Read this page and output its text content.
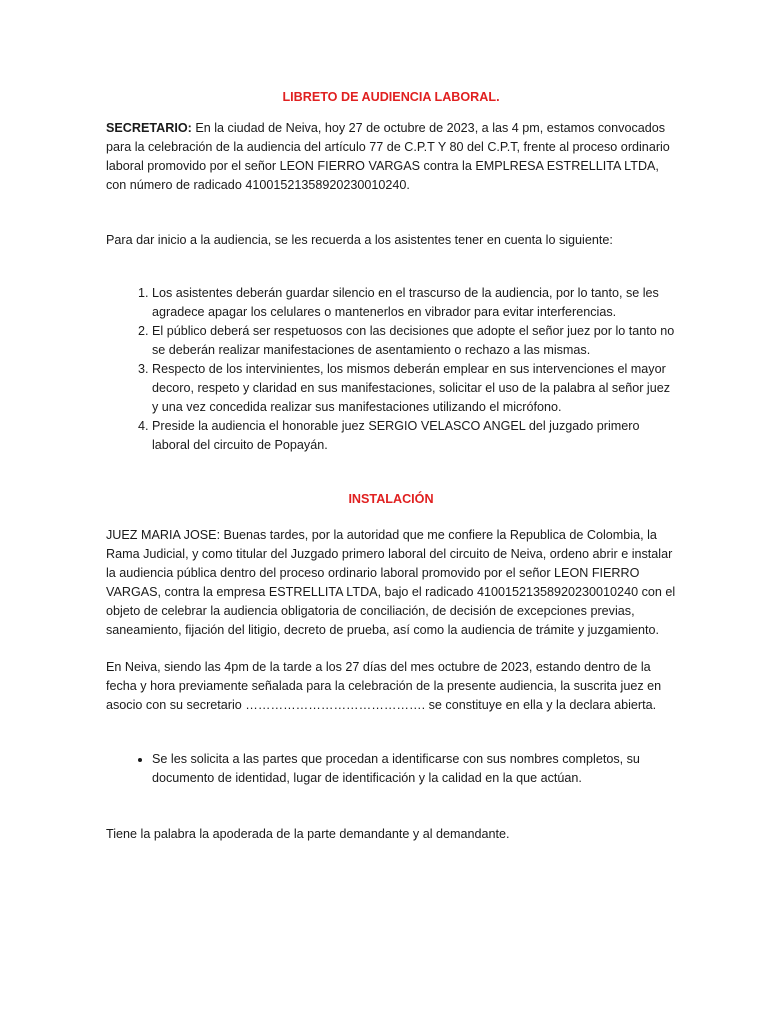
LIBRETO DE AUDIENCIA LABORAL.

SECRETARIO: En la ciudad de Neiva, hoy 27 de octubre de 2023, a las 4 pm, estamos convocados para la celebración de la audiencia del artículo 77 de C.P.T Y 80 del C.P.T, frente al proceso ordinario laboral promovido por el señor LEON FIERRO VARGAS contra la EMPLRESA ESTRELLITA LTDA, con número de radicado 41001521358920230010240.

Para dar inicio a la audiencia, se les recuerda a los asistentes tener en cuenta lo siguiente:

1. Los asistentes deberán guardar silencio en el trascurso de la audiencia, por lo tanto, se les agradece apagar los celulares o mantenerlos en vibrador para evitar interferencias.
2. El público deberá ser respetuosos con las decisiones que adopte el señor juez por lo tanto no se deberán realizar manifestaciones de asentamiento o rechazo a las mismas.
3. Respecto de los intervinientes, los mismos deberán emplear en sus intervenciones el mayor decoro, respeto y claridad en sus manifestaciones, solicitar el uso de la palabra al señor juez y una vez concedida realizar sus manifestaciones utilizando el micrófono.
4. Preside la audiencia el honorable juez SERGIO VELASCO ANGEL del juzgado primero laboral del circuito de Popayán.

INSTALACIÓN

JUEZ MARIA JOSE: Buenas tardes, por la autoridad que me confiere la Republica de Colombia, la Rama Judicial, y como titular del Juzgado primero laboral del circuito de Neiva, ordeno abrir e instalar la audiencia pública dentro del proceso ordinario laboral promovido por el señor LEON FIERRO VARGAS, contra la empresa ESTRELLITA LTDA, bajo el radicado 41001521358920230010240 con el objeto de celebrar la audiencia obligatoria de conciliación, de decisión de excepciones previas, saneamiento, fijación del litigio, decreto de prueba, así como la audiencia de trámite y juzgamiento.

En Neiva, siendo las 4pm de la tarde a los 27 días del mes octubre de 2023, estando dentro de la fecha y hora previamente señalada para la celebración de la presente audiencia, la suscrita juez en asocio con su secretario ……………………………………. se constituye en ella y la declara abierta.

• Se les solicita a las partes que procedan a identificarse con sus nombres completos, su documento de identidad, lugar de identificación y la calidad en la que actúan.

Tiene la palabra la apoderada de la parte demandante y al demandante.
